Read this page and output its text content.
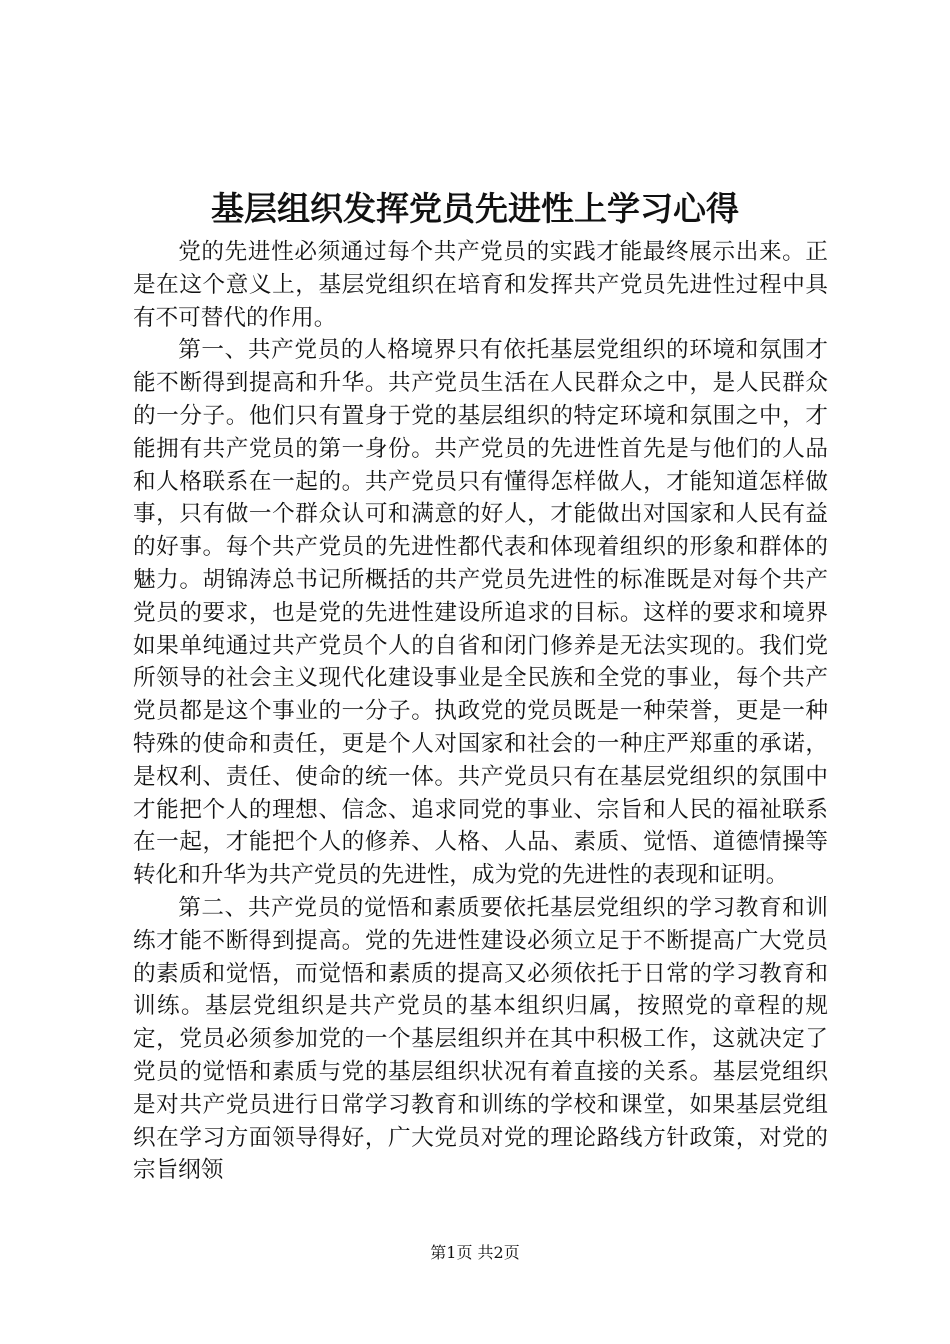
基层组织发挥党员先进性上学习心得

党的先进性必须通过每个共产党员的实践才能最终展示出来。正是在这个意义上，基层党组织在培育和发挥共产党员先进性过程中具有不可替代的作用。

第一、共产党员的人格境界只有依托基层党组织的环境和氛围才能不断得到提高和升华。共产党员生活在人民群众之中，是人民群众的一分子。他们只有置身于党的基层组织的特定环境和氛围之中，才能拥有共产党员的第一身份。共产党员的先进性首先是与他们的人品和人格联系在一起的。共产党员只有懂得怎样做人，才能知道怎样做事，只有做一个群众认可和满意的好人，才能做出对国家和人民有益的好事。每个共产党员的先进性都代表和体现着组织的形象和群体的魅力。胡锦涛总书记所概括的共产党员先进性的标准既是对每个共产党员的要求，也是党的先进性建设所追求的目标。这样的要求和境界如果单纯通过共产党员个人的自省和闭门修养是无法实现的。我们党所领导的社会主义现代化建设事业是全民族和全党的事业，每个共产党员都是这个事业的一分子。执政党的党员既是一种荣誉，更是一种特殊的使命和责任，更是个人对国家和社会的一种庄严郑重的承诺，是权利、责任、使命的统一体。共产党员只有在基层党组织的氛围中才能把个人的理想、信念、追求同党的事业、宗旨和人民的福祉联系在一起，才能把个人的修养、人格、人品、素质、觉悟、道德情操等转化和升华为共产党员的先进性，成为党的先进性的表现和证明。

第二、共产党员的觉悟和素质要依托基层党组织的学习教育和训练才能不断得到提高。党的先进性建设必须立足于不断提高广大党员的素质和觉悟，而觉悟和素质的提高又必须依托于日常的学习教育和训练。基层党组织是共产党员的基本组织归属，按照党的章程的规定，党员必须参加党的一个基层组织并在其中积极工作，这就决定了党员的觉悟和素质与党的基层组织状况有着直接的关系。基层党组织是对共产党员进行日常学习教育和训练的学校和课堂，如果基层党组织在学习方面领导得好，广大党员对党的理论路线方针政策，对党的宗旨纲领

第1页 共2页
